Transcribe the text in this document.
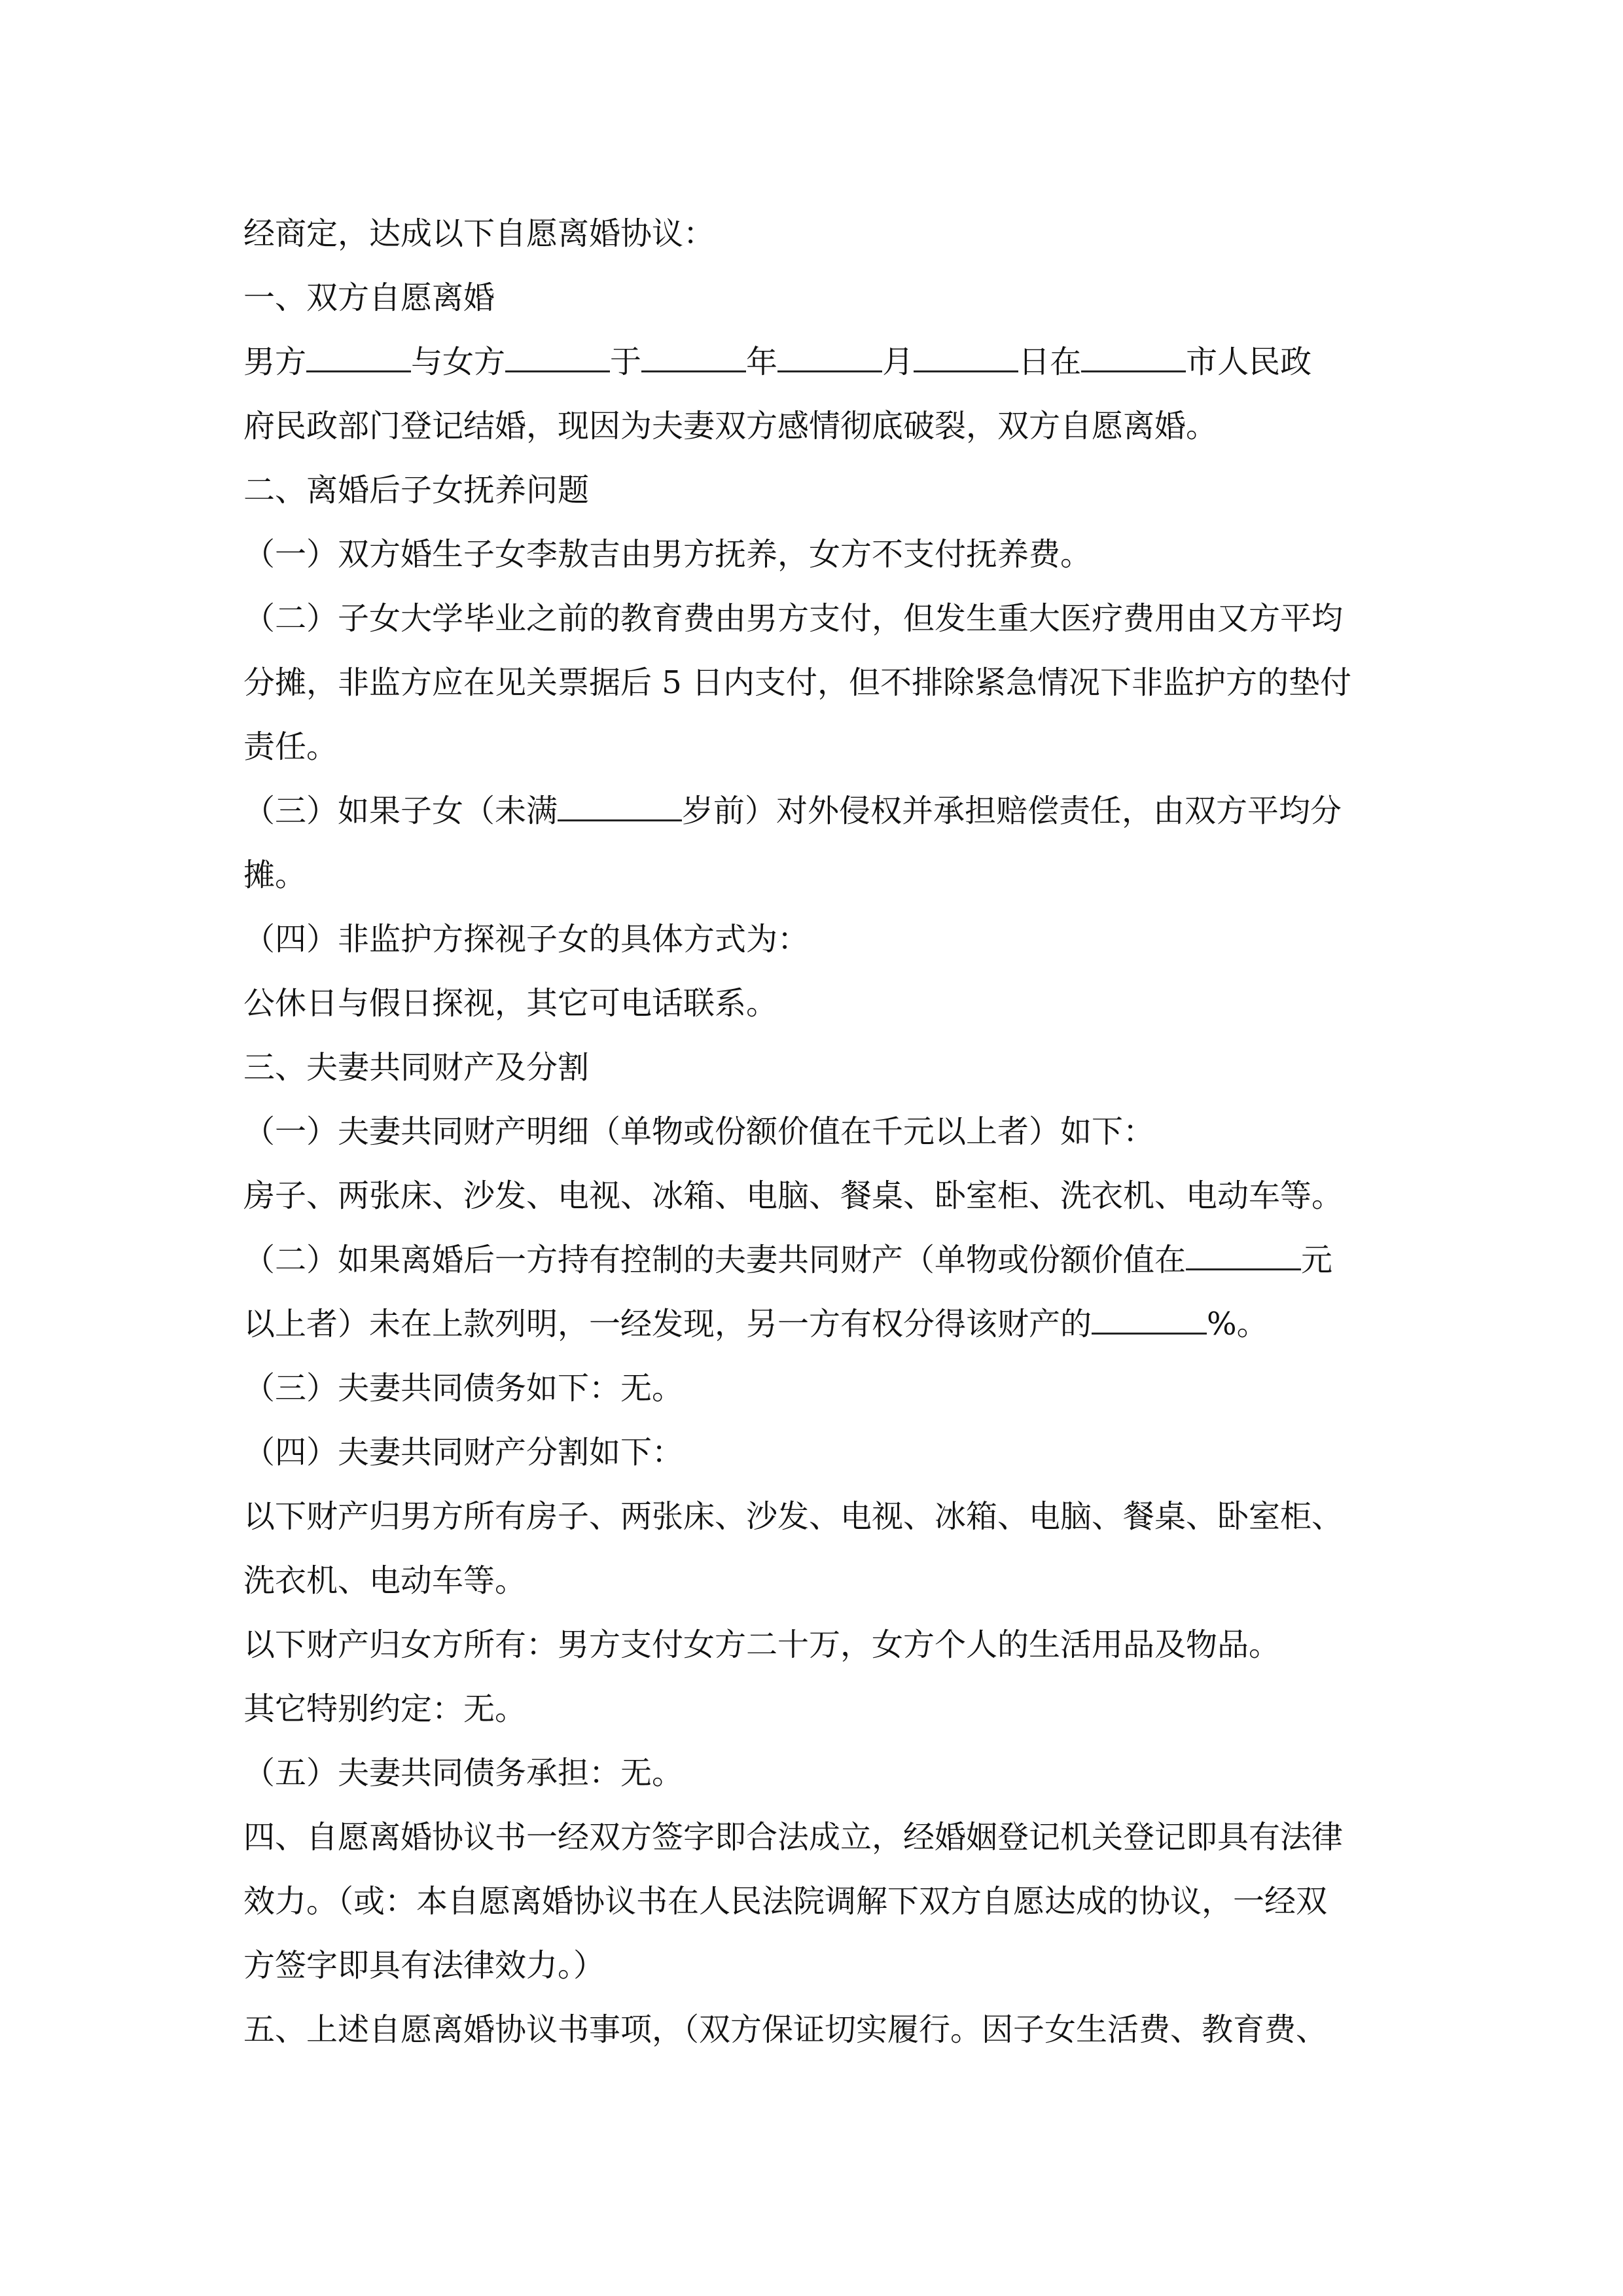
经商定，达成以下自愿离婚协议：
一、双方自愿离婚
男方	与女方	于	年	月	日在	市人民政
府民政部门登记结婚，现因为夫妻双方感情彻底破裂，双方自愿离婚。
二、离婚后子女抚养问题
（一）双方婚生子女李敖吉由男方抚养，女方不支付抚养费。
（二）子女大学毕业之前的教育费由男方支付，但发生重大医疗费用由又方平均
分摊，非监方应在见关票据后 5 日内支付，但不排除紧急情况下非监护方的垫付
责任。
（三）如果子女（未满	岁前）对外侵权并承担赔偿责任，由双方平均分
摊。
（四）非监护方探视子女的具体方式为：
公休日与假日探视，其它可电话联系。
三、夫妻共同财产及分割
（一）夫妻共同财产明细（单物或份额价值在千元以上者）如下：
房子、两张床、沙发、电视、冰箱、电脑、餐桌、卧室柜、洗衣机、电动车等。
（二）如果离婚后一方持有控制的夫妻共同财产（单物或份额价值在	元
以上者）未在上款列明，一经发现，另一方有权分得该财产的	%。
（三）夫妻共同债务如下：无。
（四）夫妻共同财产分割如下：
以下财产归男方所有房子、两张床、沙发、电视、冰箱、电脑、餐桌、卧室柜、
洗衣机、电动车等。
以下财产归女方所有：男方支付女方二十万，女方个人的生活用品及物品。
其它特别约定：无。
（五）夫妻共同债务承担：无。
四、自愿离婚协议书一经双方签字即合法成立，经婚姻登记机关登记即具有法律
效力。（或：本自愿离婚协议书在人民法院调解下双方自愿达成的协议，一经双
方签字即具有法律效力。）
五、上述自愿离婚协议书事项，（双方保证切实履行。因子女生活费、教育费、
